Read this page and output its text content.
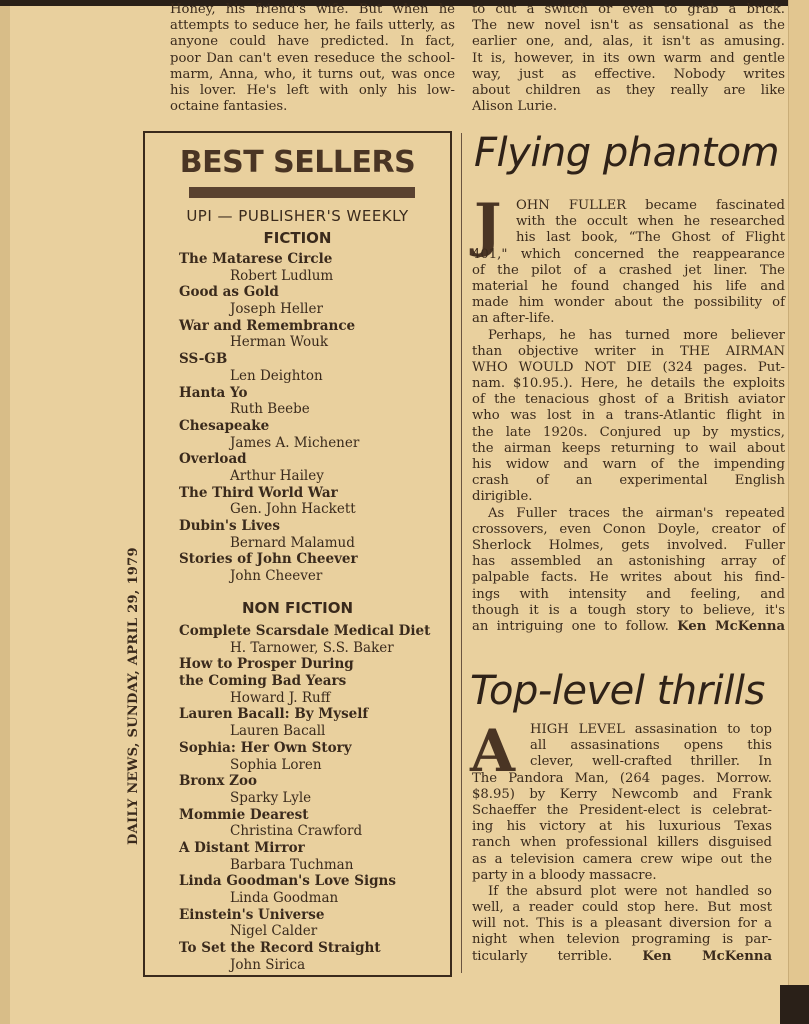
Honey, his friend's wife. But when he
attempts to seduce her, he fails utterly, as
anyone could have predicted. In fact,
poor Dan can't even reseduce the school-
marm, Anna, who, it turns out, was once
his lover. He's left with only his low-
octaine fantasies.
to cut a switch or even to grab a brick.
The new novel isn't as sensational as the
earlier one, and, alas, it isn't as amusing.
It is, however, in its own warm and gentle
way, just as effective. Nobody writes
about children as they really are like
Alison Lurie.
DAILY NEWS, SUNDAY, APRIL 29, 1979
BEST SELLERS
UPI — PUBLISHER'S WEEKLY
FICTION
The Matarese Circle
Robert Ludlum
Good as Gold
Joseph Heller
War and Remembrance
Herman Wouk
SS-GB
Len Deighton
Hanta Yo
Ruth Beebe
Chesapeake
James A. Michener
Overload
Arthur Hailey
The Third World War
Gen. John Hackett
Dubin's Lives
Bernard Malamud
Stories of John Cheever
John Cheever
NON FICTION
Complete Scarsdale Medical Diet
H. Tarnower, S.S. Baker
How to Prosper During
the Coming Bad Years
Howard J. Ruff
Lauren Bacall: By Myself
Lauren Bacall
Sophia: Her Own Story
Sophia Loren
Bronx Zoo
Sparky Lyle
Mommie Dearest
Christina Crawford
A Distant Mirror
Barbara Tuchman
Linda Goodman's Love Signs
Linda Goodman
Einstein's Universe
Nigel Calder
To Set the Record Straight
John Sirica
Flying phantom
J	OHN FULLER became fascinated
with the occult when he researched
his last book, “The Ghost of Flight
401," which concerned the reappearance
of the pilot of a crashed jet liner. The
material he found changed his life and
made him wonder about the possibility of
an after-life.
Perhaps, he has turned more believer
than objective writer in THE AIRMAN
WHO WOULD NOT DIE (324 pages. Put-
nam. $10.95.). Here, he details the exploits
of the tenacious ghost of a British aviator
who was lost in a trans-Atlantic flight in
the late 1920s. Conjured up by mystics,
the airman keeps returning to wail about
his widow and warn of the impending
crash of an experimental English
dirigible.
As Fuller traces the airman's repeated
crossovers, even Conon Doyle, creator of
Sherlock Holmes, gets involved. Fuller
has assembled an astonishing array of
palpable facts. He writes about his find-
ings with intensity and feeling, and
though it is a tough story to believe, it's
an intriguing one to follow. Ken McKenna
Top-level thrills
A	HIGH LEVEL assasination to top
all assasinations opens this
clever, well-crafted thriller. In
The Pandora Man, (264 pages. Morrow.
$8.95) by Kerry Newcomb and Frank
Schaeffer the President-elect is celebrat-
ing his victory at his luxurious Texas
ranch when professional killers disguised
as a television camera crew wipe out the
party in a bloody massacre.
If the absurd plot were not handled so
well, a reader could stop here. But most
will not. This is a pleasant diversion for a
night when televion programing is par-
ticularly terrible. Ken McKenna
